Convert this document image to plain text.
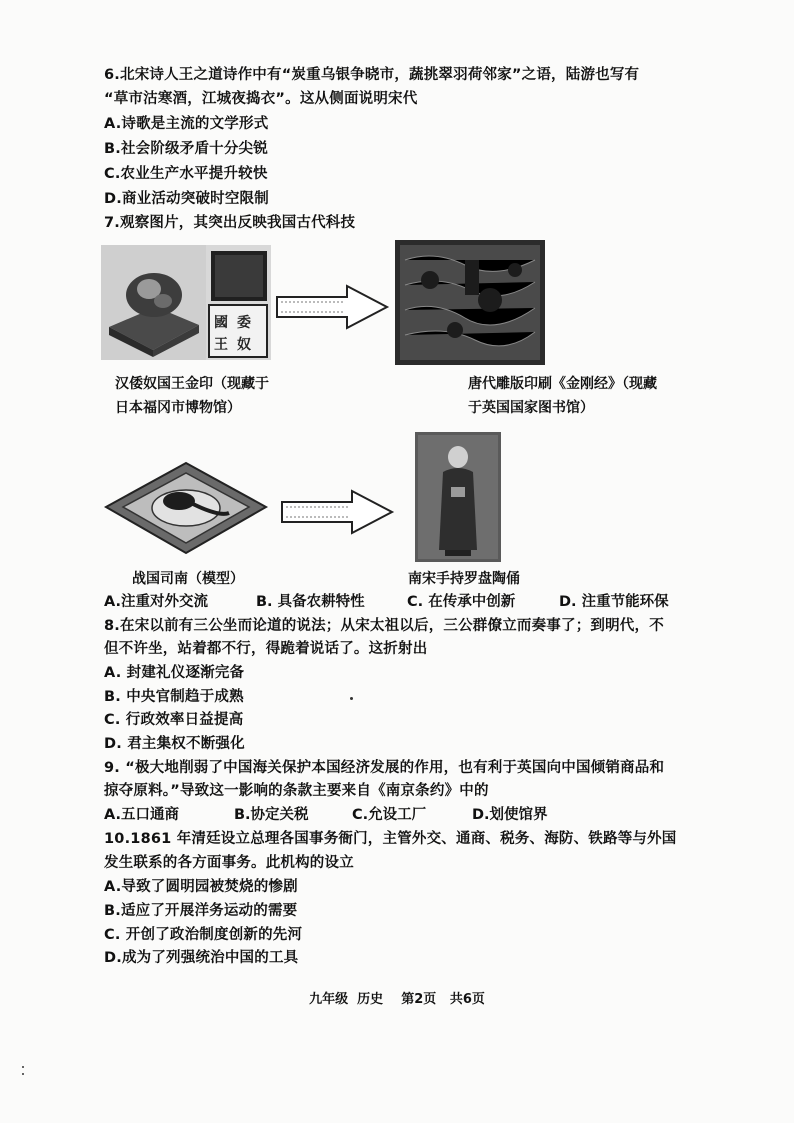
6.北宋诗人王之道诗作中有“炭重乌银争晓市，蔬挑翠羽荷邻家”之语，陆游也写有
“草市沽寒酒，江城夜捣衣”。这从侧面说明宋代
A.诗歌是主流的文学形式
B.社会阶级矛盾十分尖锐
C.农业生产水平提升较快
D.商业活动突破时空限制
7.观察图片，其突出反映我国古代科技
國
王
委
奴
汉倭奴国王金印（现藏于
日本福冈市博物馆）
唐代雕版印刷《金刚经》（现藏
于英国国家图书馆）
战国司南（模型）	南宋手持罗盘陶俑
A.注重对外交流	B. 具备农耕特性	C. 在传承中创新	D. 注重节能环保
8.在宋以前有三公坐而论道的说法；从宋太祖以后，三公群僚立而奏事了；到明代，不
但不许坐，站着都不行，得跪着说话了。这折射出
A. 封建礼仪逐渐完备
B. 中央官制趋于成熟
C. 行政效率日益提高
D. 君主集权不断强化
9. “极大地削弱了中国海关保护本国经济发展的作用，也有利于英国向中国倾销商品和
掠夺原料。”导致这一影响的条款主要来自《南京条约》中的
A.五口通商	B.协定关税	C.允设工厂	D.划使馆界
10.1861 年清廷设立总理各国事务衙门，主管外交、通商、税务、海防、铁路等与外国
发生联系的各方面事务。此机构的设立
A.导致了圆明园被焚烧的惨剧
B.适应了开展洋务运动的需要
C. 开创了政治制度创新的先河
D.成为了列强统治中国的工具
九年级  历史    第2页   共6页
